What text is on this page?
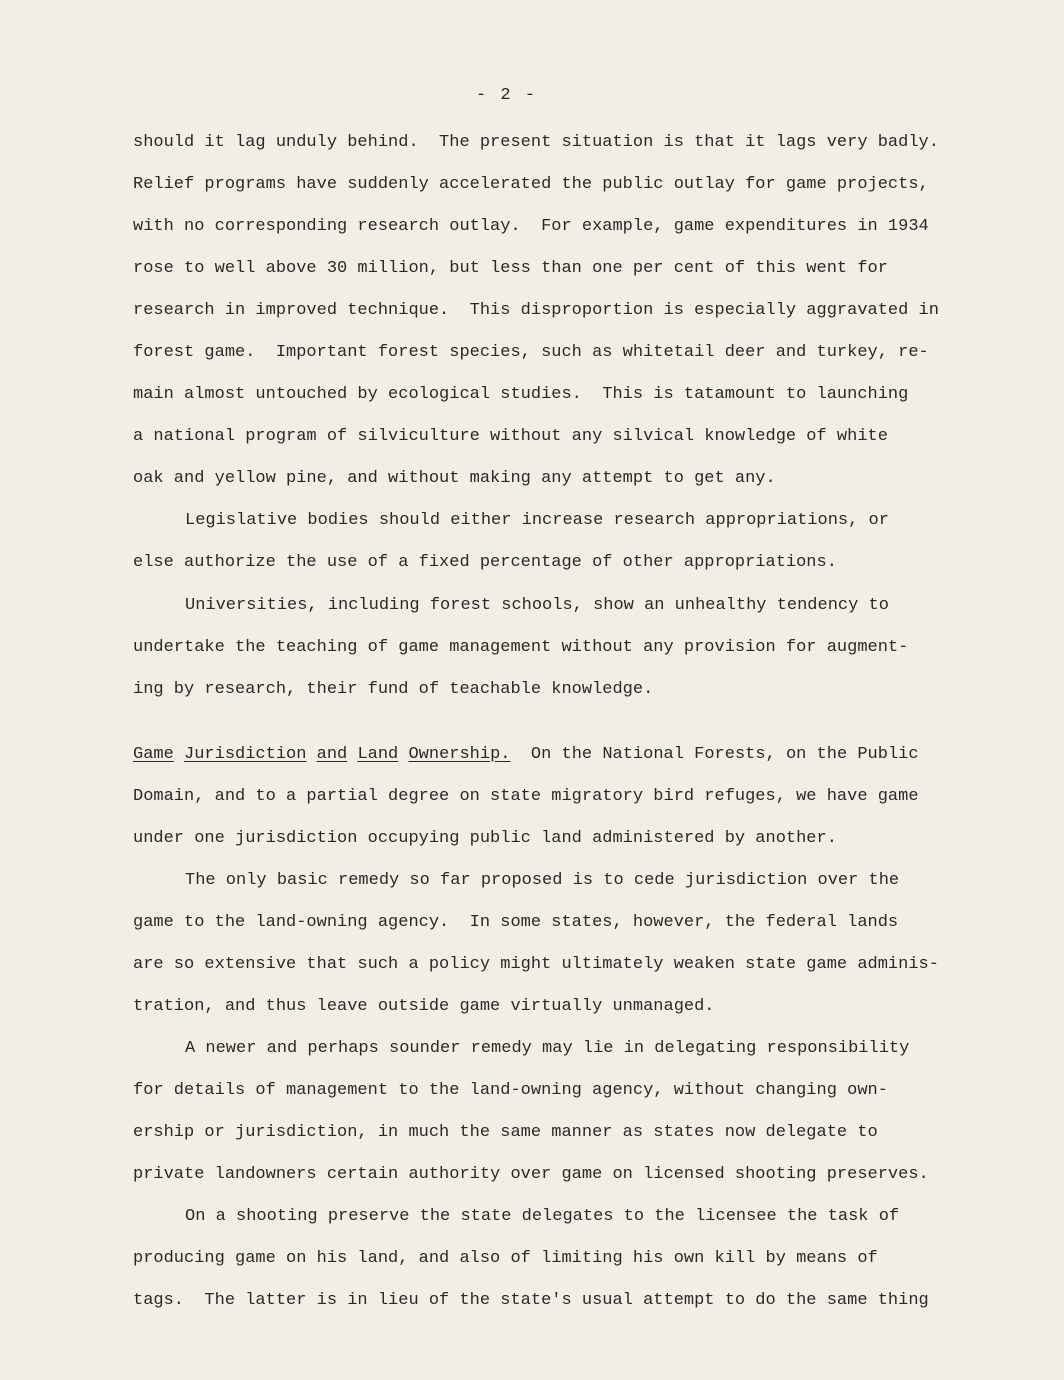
- 2 -
should it lag unduly behind.  The present situation is that it lags very badly.
Relief programs have suddenly accelerated the public outlay for game projects,
with no corresponding research outlay.  For example, game expenditures in 1934
rose to well above 30 million, but less than one per cent of this went for
research in improved technique.  This disproportion is especially aggravated in
forest game.  Important forest species, such as whitetail deer and turkey, re-
main almost untouched by ecological studies.  This is tatamount to launching
a national program of silviculture without any silvical knowledge of white
oak and yellow pine, and without making any attempt to get any.
Legislative bodies should either increase research appropriations, or
else authorize the use of a fixed percentage of other appropriations.
Universities, including forest schools, show an unhealthy tendency to
undertake the teaching of game management without any provision for augment-
ing by research, their fund of teachable knowledge.
Game Jurisdiction and Land Ownership. On the National Forests, on the Public
Domain, and to a partial degree on state migratory bird refuges, we have game
under one jurisdiction occupying public land administered by another.
The only basic remedy so far proposed is to cede jurisdiction over the
game to the land-owning agency.  In some states, however, the federal lands
are so extensive that such a policy might ultimately weaken state game adminis-
tration, and thus leave outside game virtually unmanaged.
A newer and perhaps sounder remedy may lie in delegating responsibility
for details of management to the land-owning agency, without changing own-
ership or jurisdiction, in much the same manner as states now delegate to
private landowners certain authority over game on licensed shooting preserves.
On a shooting preserve the state delegates to the licensee the task of
producing game on his land, and also of limiting his own kill by means of
tags.  The latter is in lieu of the state's usual attempt to do the same thing
